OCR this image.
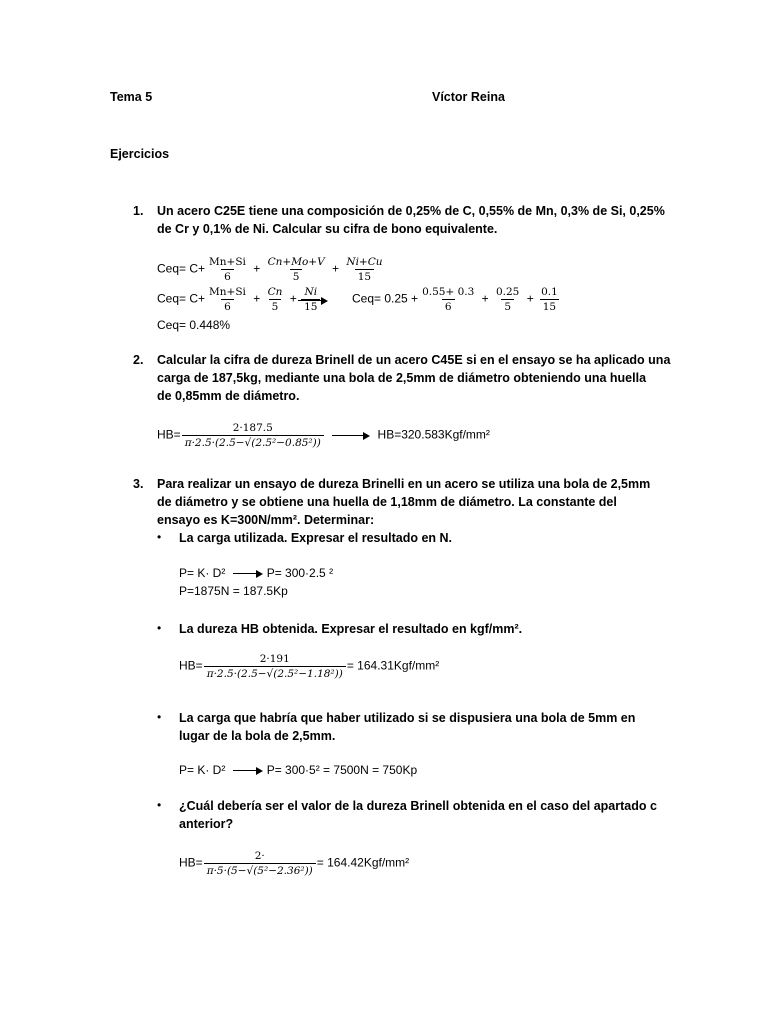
Tema 5	Víctor Reina
Ejercicios
1. Un acero C25E tiene una composición de 0,25% de C, 0,55% de Mn, 0,3% de Si, 0,25%
de Cr y 0,1% de Ni. Calcular su cifra de bono equivalente.
$Ceq= C+ \frac{Mn+Si}{6} + \frac{Cn+Mo+V}{5} + \frac{Ni+Cu}{15}$
$Ceq= C+ \frac{Mn+Si}{6} + \frac{Cn}{5} + \frac{Ni}{15}$	$Ceq= 0.25 + \frac{0.55+ 0.3}{6} + \frac{0.25}{5} + \frac{0.1}{15}$
Ceq= 0.448%
2. Calcular la cifra de dureza Brinell de un acero C45E si en el ensayo se ha aplicado una
carga de 187,5kg, mediante una bola de 2,5mm de diámetro obteniendo una huella
de 0,85mm de diámetro.
$HB= \frac{2\cdot 187.5}{\text{π·2.5·(2.5−√(2.5²−0.85²))}}$	HB=320.583Kgf/mm²
3. Para realizar un ensayo de dureza Brinelli en un acero se utiliza una bola de 2,5mm
de diámetro y se obtiene una huella de 1,18mm de diámetro. La constante del
ensayo es K=300N/mm². Determinar:
• La carga utilizada. Expresar el resultado en N.
P= K· D²	P= 300·2.5 ²
P=1875N = 187.5Kp
• La dureza HB obtenida. Expresar el resultado en kgf/mm².
$HB= \frac{2\cdot 191}{\text{π·2.5·(2.5−√(2.5²−1.18²))}} = 164.31Kgf/mm^2$
• La carga que habría que haber utilizado si se dispusiera una bola de 5mm en
lugar de la bola de 2,5mm.
P= K· D²	P= 300·5² = 7500N = 750Kp
• ¿Cuál debería ser el valor de la dureza Brinell obtenida en el caso del apartado c
anterior?
$HB= \frac{2\cdot}{\text{π·5·(5−√(5²−2.36²))}} = 164.42Kgf/mm^2$
